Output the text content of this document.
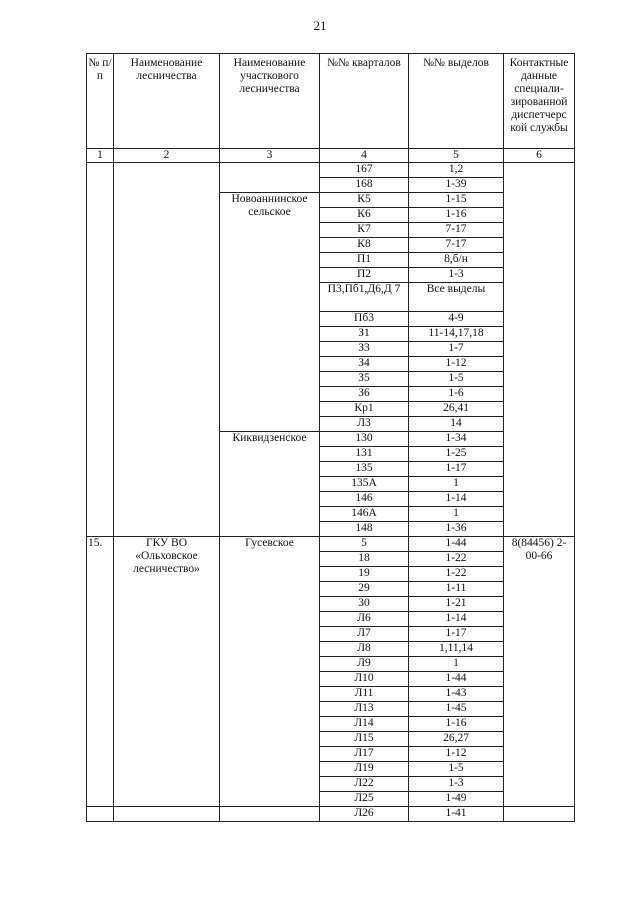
21
№ п/п	Наименование лесничества	Наименование участкового лесничества	№№ кварталов	№№ выделов	Контактные данные специали-зированной диспетчерс кой службы
1	2	3	4	5	6
			167	1,2	
			168	1-39	
		Новоаннинское сельское	К5	1-15	
			К6	1-16	
			К7	7-17	
			К8	7-17	
			П1	8,б/н	
			П2	1-3	
			П3,Пб1,Д6,Д 7	Все выделы	
			Пб3	4-9	
			З1	11-14,17,18	
			З3	1-7	
			З4	1-12	
			З5	1-5	
			З6	1-6	
			Кр1	26,41	
			Л3	14	
		Киквидзенское	130	1-34	
			131	1-25	
			135	1-17	
			135А	1	
			146	1-14	
			146А	1	
			148	1-36	
15.	ГКУ ВО «Ольховское лесничество»	Гусевское	5	1-44	8(84456) 2-00-66
			18	1-22	
			19	1-22	
			29	1-11	
			30	1-21	
			Л6	1-14	
			Л7	1-17	
			Л8	1,11,14	
			Л9	1	
			Л10	1-44	
			Л11	1-43	
			Л13	1-45	
			Л14	1-16	
			Л15	26,27	
			Л17	1-12	
			Л19	1-5	
			Л22	1-3	
			Л25	1-49	
			Л26	1-41	
